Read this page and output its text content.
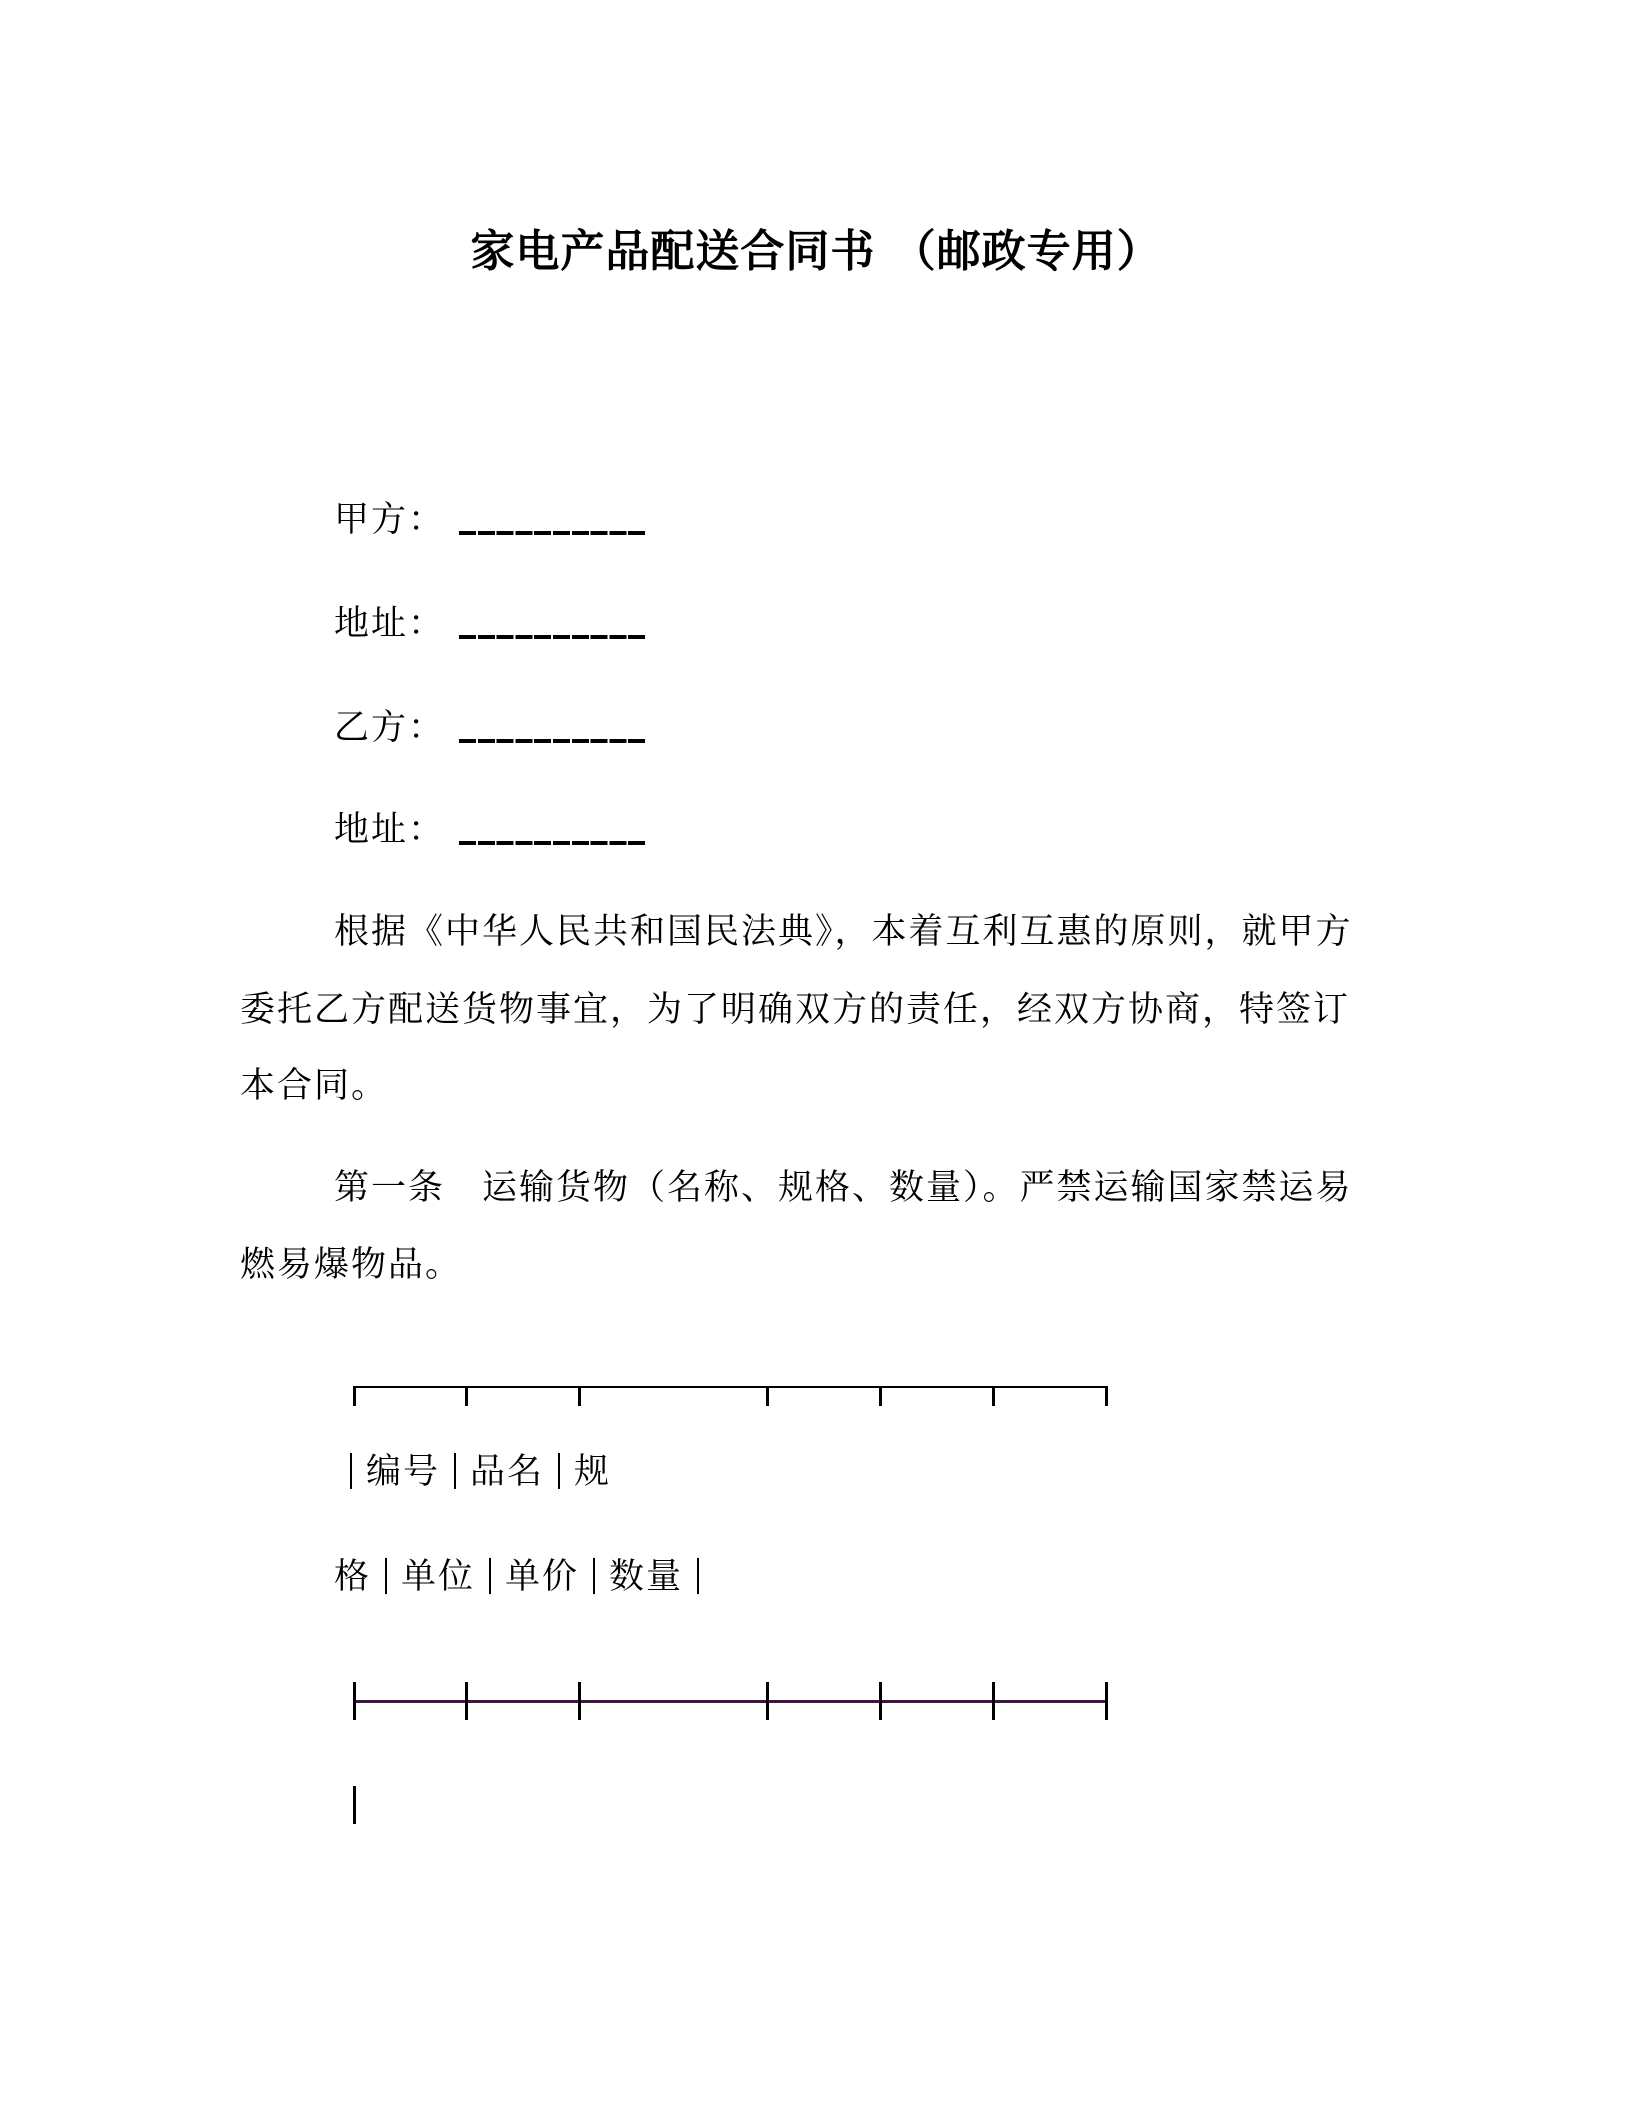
家电产品配送合同书 （邮政专用）
甲方：
地址：
乙方：
地址：
根据《中华人民共和国民法典》，本着互利互惠的原则，就甲方
委托乙方配送货物事宜，为了明确双方的责任，经双方协商，特签订
本合同。
第一条　运输货物（名称、规格、数量）。严禁运输国家禁运易
燃易爆物品。
编号 品名 规
格 单位 单价 数量
